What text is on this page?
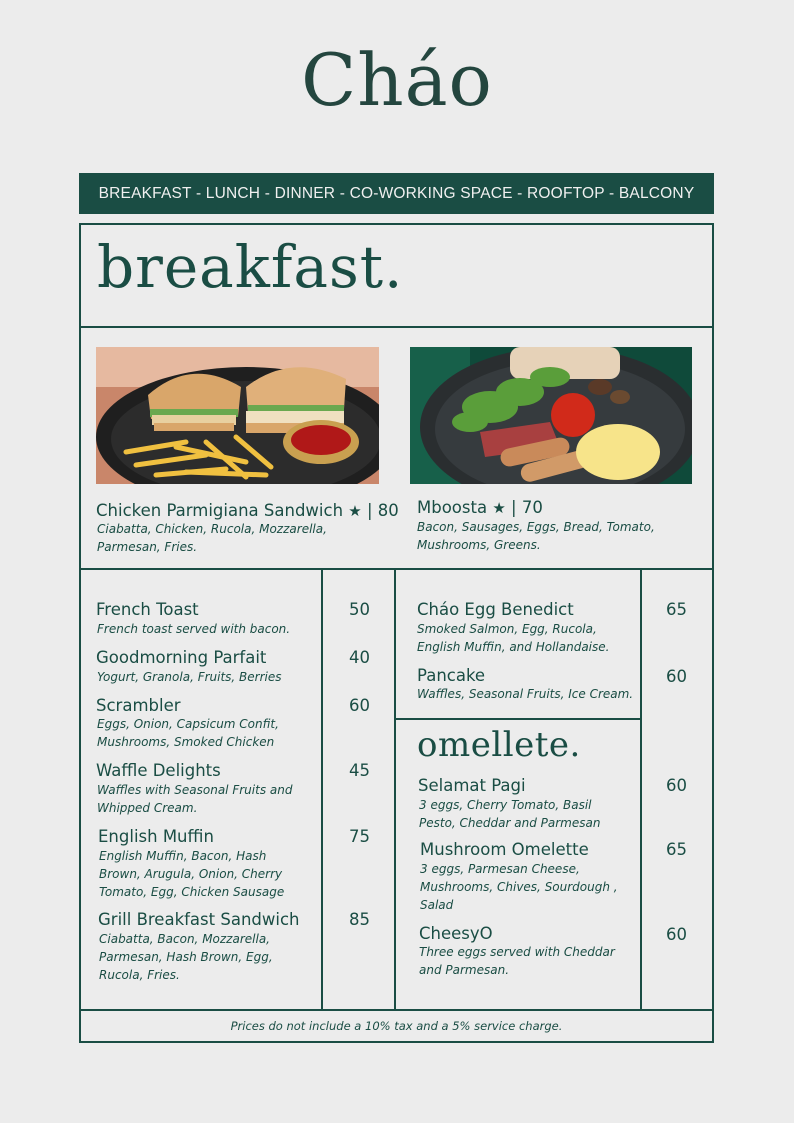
Cháo
BREAKFAST - LUNCH - DINNER - CO-WORKING SPACE - ROOFTOP - BALCONY
breakfast.
Chicken Parmigiana Sandwich ★ | 80
Ciabatta, Chicken, Rucola, Mozzarella, Parmesan, Fries.
Mboosta ★ | 70
Bacon, Sausages, Eggs, Bread, Tomato, Mushrooms, Greens.
French Toast
French toast served with bacon.
50
Goodmorning Parfait
Yogurt, Granola, Fruits, Berries
40
Scrambler
Eggs, Onion, Capsicum Confit, Mushrooms, Smoked Chicken
60
Waffle Delights
Waffles with Seasonal Fruits and Whipped Cream.
45
English Muffin
English Muffin, Bacon, Hash Brown, Arugula, Onion, Cherry Tomato, Egg, Chicken Sausage
75
Grill Breakfast Sandwich
Ciabatta, Bacon, Mozzarella, Parmesan, Hash Brown, Egg, Rucola, Fries.
85
Cháo Egg Benedict
Smoked Salmon, Egg, Rucola, English Muffin, and Hollandaise.
65
Pancake
Waffles, Seasonal Fruits, Ice Cream.
60
omellete.
Selamat Pagi
3 eggs, Cherry Tomato, Basil Pesto, Cheddar and Parmesan
60
Mushroom Omelette
3 eggs, Parmesan Cheese, Mushrooms, Chives, Sourdough , Salad
65
CheesyO
Three eggs served with Cheddar and Parmesan.
60
Prices do not include a 10% tax and a 5% service charge.
